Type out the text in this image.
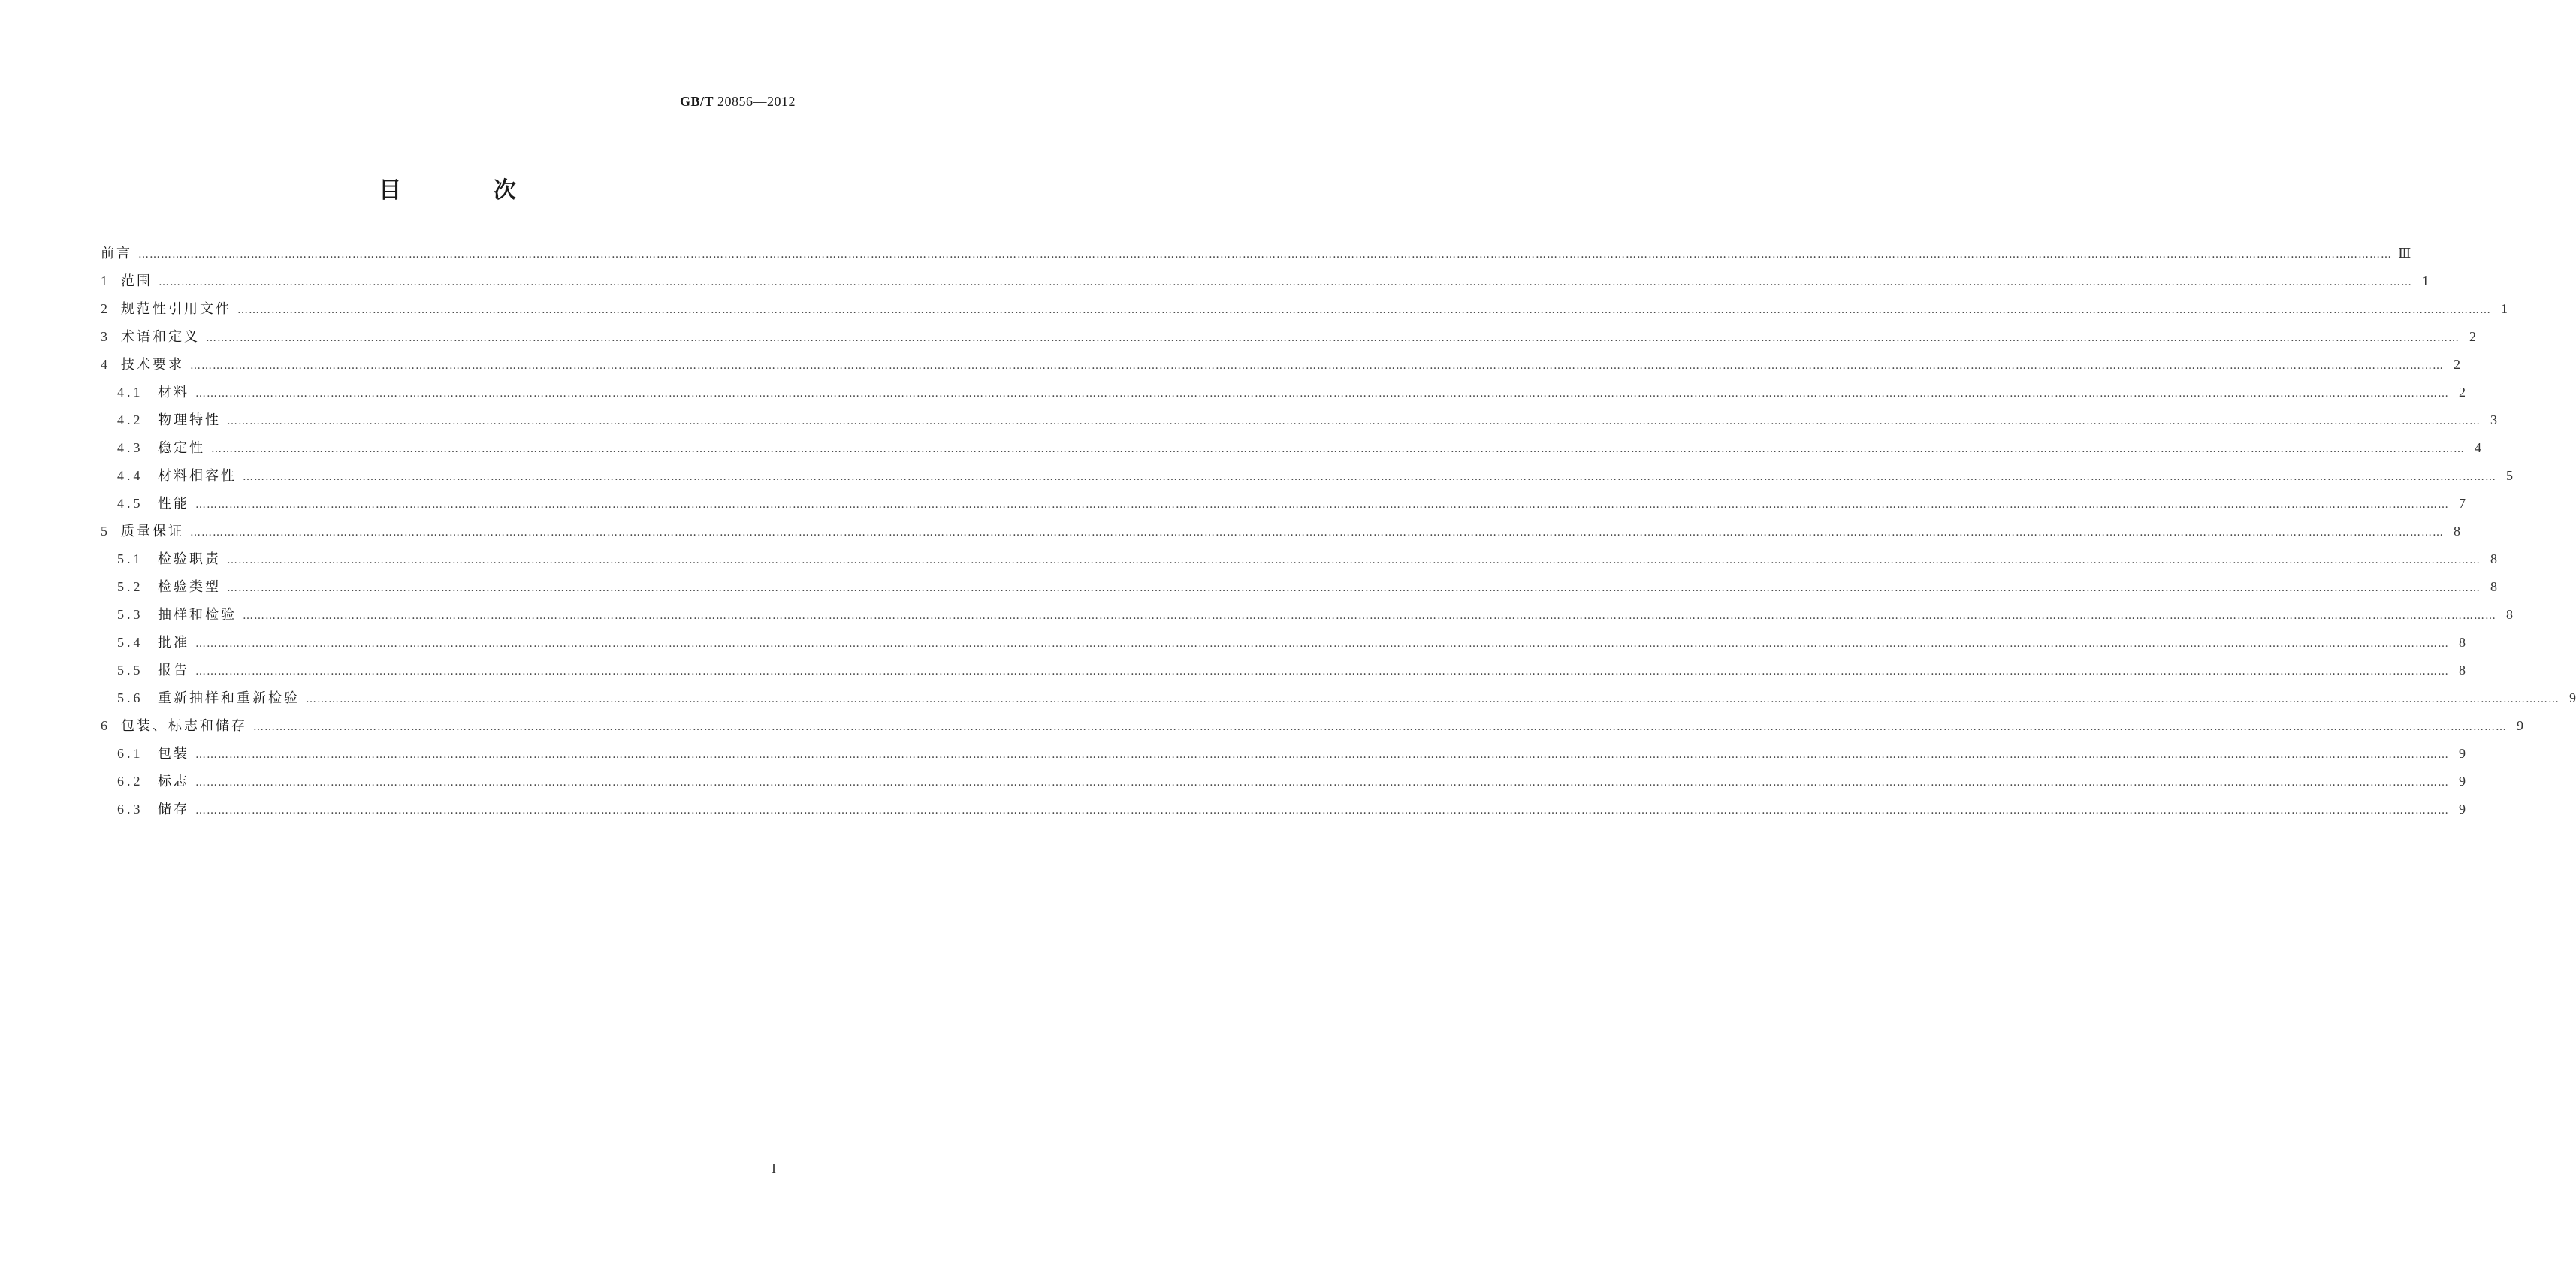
GB/T 20856—2012
目 次
前言 …………………………………………………………………………………………………………………………………………………………………………………………………………………………………………………………………………………………………………………………………………………………………………………………………………………………………………………………………………………………………………………………………………………… Ⅲ
1 范围 …………………………………………………………………………………………………………………………………………………………………………………………………………………………………………………………………………………………………………………………………………………………………………………………………………………………………………………………………………………………………………………………………………………… 1
2 规范性引用文件 …………………………………………………………………………………………………………………………………………………………………………………………………………………………………………………………………………………………………………………………………………………………………………………………………………………………………………………………………………………………………………………………………………………… 1
3 术语和定义 …………………………………………………………………………………………………………………………………………………………………………………………………………………………………………………………………………………………………………………………………………………………………………………………………………………………………………………………………………………………………………………………………………………… 2
4 技术要求 …………………………………………………………………………………………………………………………………………………………………………………………………………………………………………………………………………………………………………………………………………………………………………………………………………………………………………………………………………………………………………………………………………………… 2
4.1	材料 …………………………………………………………………………………………………………………………………………………………………………………………………………………………………………………………………………………………………………………………………………………………………………………………………………………………………………………………………………………………………………………………………………………… 2
4.2	物理特性 …………………………………………………………………………………………………………………………………………………………………………………………………………………………………………………………………………………………………………………………………………………………………………………………………………………………………………………………………………………………………………………………………………………… 3
4.3	稳定性 …………………………………………………………………………………………………………………………………………………………………………………………………………………………………………………………………………………………………………………………………………………………………………………………………………………………………………………………………………………………………………………………………………………… 4
4.4	材料相容性 …………………………………………………………………………………………………………………………………………………………………………………………………………………………………………………………………………………………………………………………………………………………………………………………………………………………………………………………………………………………………………………………………………………… 5
4.5	性能 …………………………………………………………………………………………………………………………………………………………………………………………………………………………………………………………………………………………………………………………………………………………………………………………………………………………………………………………………………………………………………………………………………………… 7
5 质量保证 …………………………………………………………………………………………………………………………………………………………………………………………………………………………………………………………………………………………………………………………………………………………………………………………………………………………………………………………………………………………………………………………………………………… 8
5.1	检验职责 …………………………………………………………………………………………………………………………………………………………………………………………………………………………………………………………………………………………………………………………………………………………………………………………………………………………………………………………………………………………………………………………………………………… 8
5.2	检验类型 …………………………………………………………………………………………………………………………………………………………………………………………………………………………………………………………………………………………………………………………………………………………………………………………………………………………………………………………………………………………………………………………………………………… 8
5.3	抽样和检验 …………………………………………………………………………………………………………………………………………………………………………………………………………………………………………………………………………………………………………………………………………………………………………………………………………………………………………………………………………………………………………………………………………………… 8
5.4	批准 …………………………………………………………………………………………………………………………………………………………………………………………………………………………………………………………………………………………………………………………………………………………………………………………………………………………………………………………………………………………………………………………………………………… 8
5.5	报告 …………………………………………………………………………………………………………………………………………………………………………………………………………………………………………………………………………………………………………………………………………………………………………………………………………………………………………………………………………………………………………………………………………………… 8
5.6	重新抽样和重新检验 …………………………………………………………………………………………………………………………………………………………………………………………………………………………………………………………………………………………………………………………………………………………………………………………………………………………………………………………………………………………………………………………………………………… 9
6 包装、标志和储存 …………………………………………………………………………………………………………………………………………………………………………………………………………………………………………………………………………………………………………………………………………………………………………………………………………………………………………………………………………………………………………………………………………………… 9
6.1	包装 …………………………………………………………………………………………………………………………………………………………………………………………………………………………………………………………………………………………………………………………………………………………………………………………………………………………………………………………………………………………………………………………………………………… 9
6.2	标志 …………………………………………………………………………………………………………………………………………………………………………………………………………………………………………………………………………………………………………………………………………………………………………………………………………………………………………………………………………………………………………………………………………………… 9
6.3	储存 …………………………………………………………………………………………………………………………………………………………………………………………………………………………………………………………………………………………………………………………………………………………………………………………………………………………………………………………………………………………………………………………………………………… 9
I
